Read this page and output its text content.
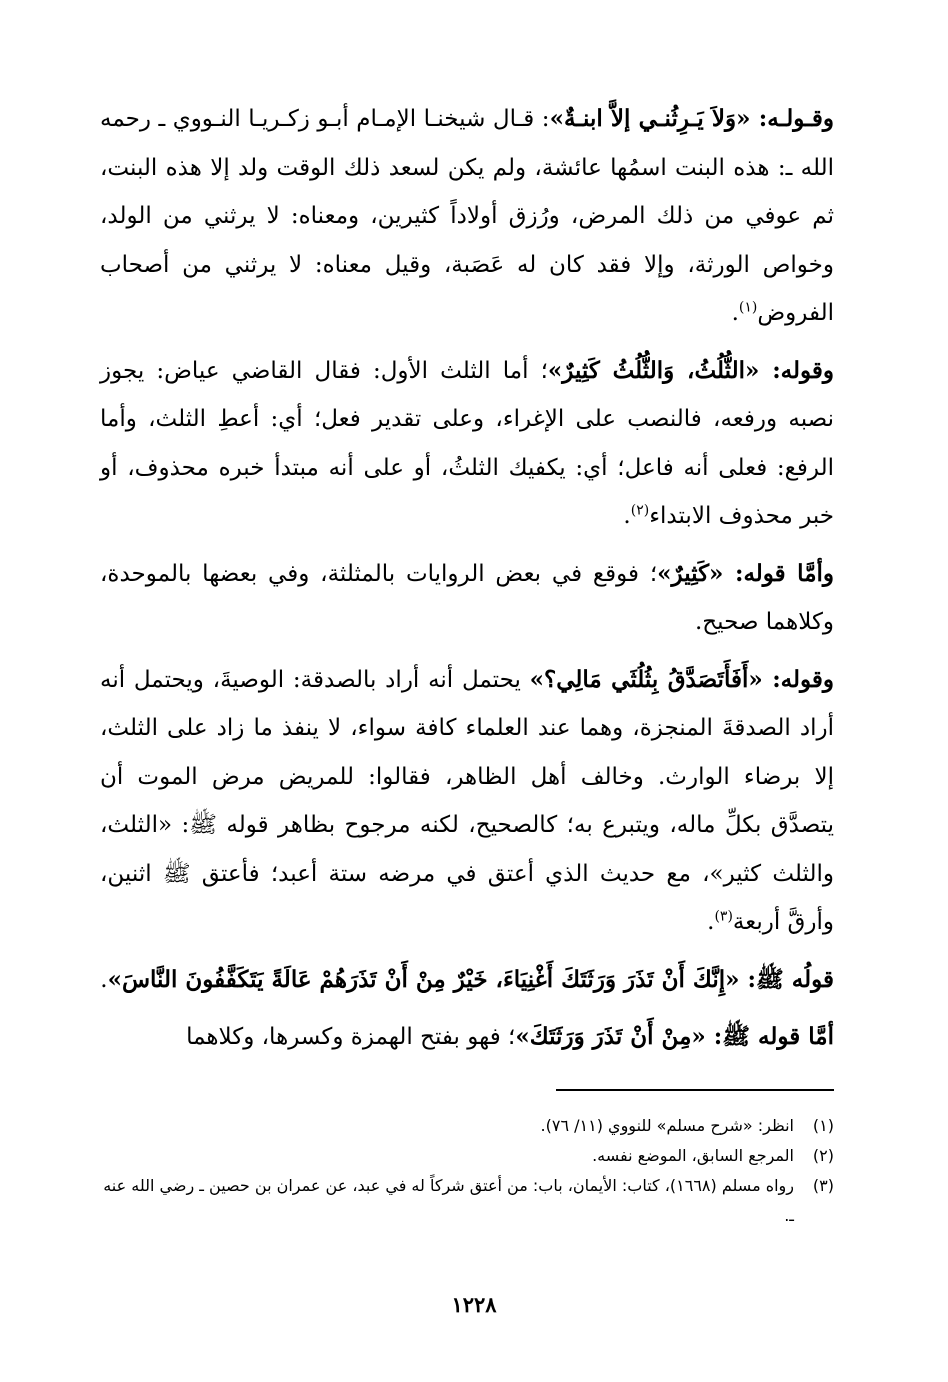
وقـولـه: «وَلاَ يَـرِثُنـي إلاَّ ابنـةٌ»: قـال شيخنـا الإمـام أبـو زكـريـا النـووي ـ رحمه الله ـ: هذه البنت اسمُها عائشة، ولم يكن لسعد ذلك الوقت ولد إلا هذه البنت، ثم عوفي من ذلك المرض، ورُزق أولاداً كثيرين، ومعناه: لا يرثني من الولد، وخواص الورثة، وإلا فقد كان له عَصَبة، وقيل معناه: لا يرثني من أصحاب الفروض$^{(١)}$.

وقوله: «الثُّلُثُ، وَالثُّلُثُ كَثِيرٌ»؛ أما الثلث الأول: فقال القاضي عياض: يجوز نصبه ورفعه، فالنصب على الإغراء، وعلى تقدير فعل؛ أي: أعطِ الثلث، وأما الرفع: فعلى أنه فاعل؛ أي: يكفيك الثلثُ، أو على أنه مبتدأ خبره محذوف، أو خبر محذوف الابتداء$^{(٢)}$.

وأمَّا قوله: «كَثِيرٌ»؛ فوقع في بعض الروايات بالمثلثة، وفي بعضها بالموحدة، وكلاهما صحيح.

وقوله: «أَفَأَتَصَدَّقُ بِثُلُثَي مَالِي؟» يحتمل أنه أراد بالصدقة: الوصيةَ، ويحتمل أنه أراد الصدقةَ المنجزة، وهما عند العلماء كافة سواء، لا ينفذ ما زاد على الثلث، إلا برضاء الوارث. وخالف أهل الظاهر، فقالوا: للمريض مرض الموت أن يتصدَّق بكلِّ ماله، ويتبرع به؛ كالصحيح، لكنه مرجوح بظاهر قوله ﷺ: «الثلث، والثلث كثير»، مع حديث الذي أعتق في مرضه ستة أعبد؛ فأعتق ﷺ اثنين، وأرقَّ أربعة$^{(٣)}$.

قولُه ﷺ: «إِنَّكَ أَنْ تَذَرَ وَرَثَتَكَ أَغْنِيَاءَ، خَيْرٌ مِنْ أَنْ تَذَرَهُمْ عَالَةً يَتَكَفَّفُونَ النَّاسَ».

أمَّا قوله ﷺ: «مِنْ أَنْ تَذَرَ وَرَثَتَكَ»؛ فهو بفتح الهمزة وكسرها، وكلاهما

(١)
انظر: «شرح مسلم» للنووي (١١/ ٧٦).
(٢)
المرجع السابق، الموضع نفسه.
(٣)
رواه مسلم (١٦٦٨)، كتاب: الأيمان، باب: من أعتق شركاً له في عبد، عن عمران بن حصين ـ رضي الله عنه ـ.
١٢٢٨
